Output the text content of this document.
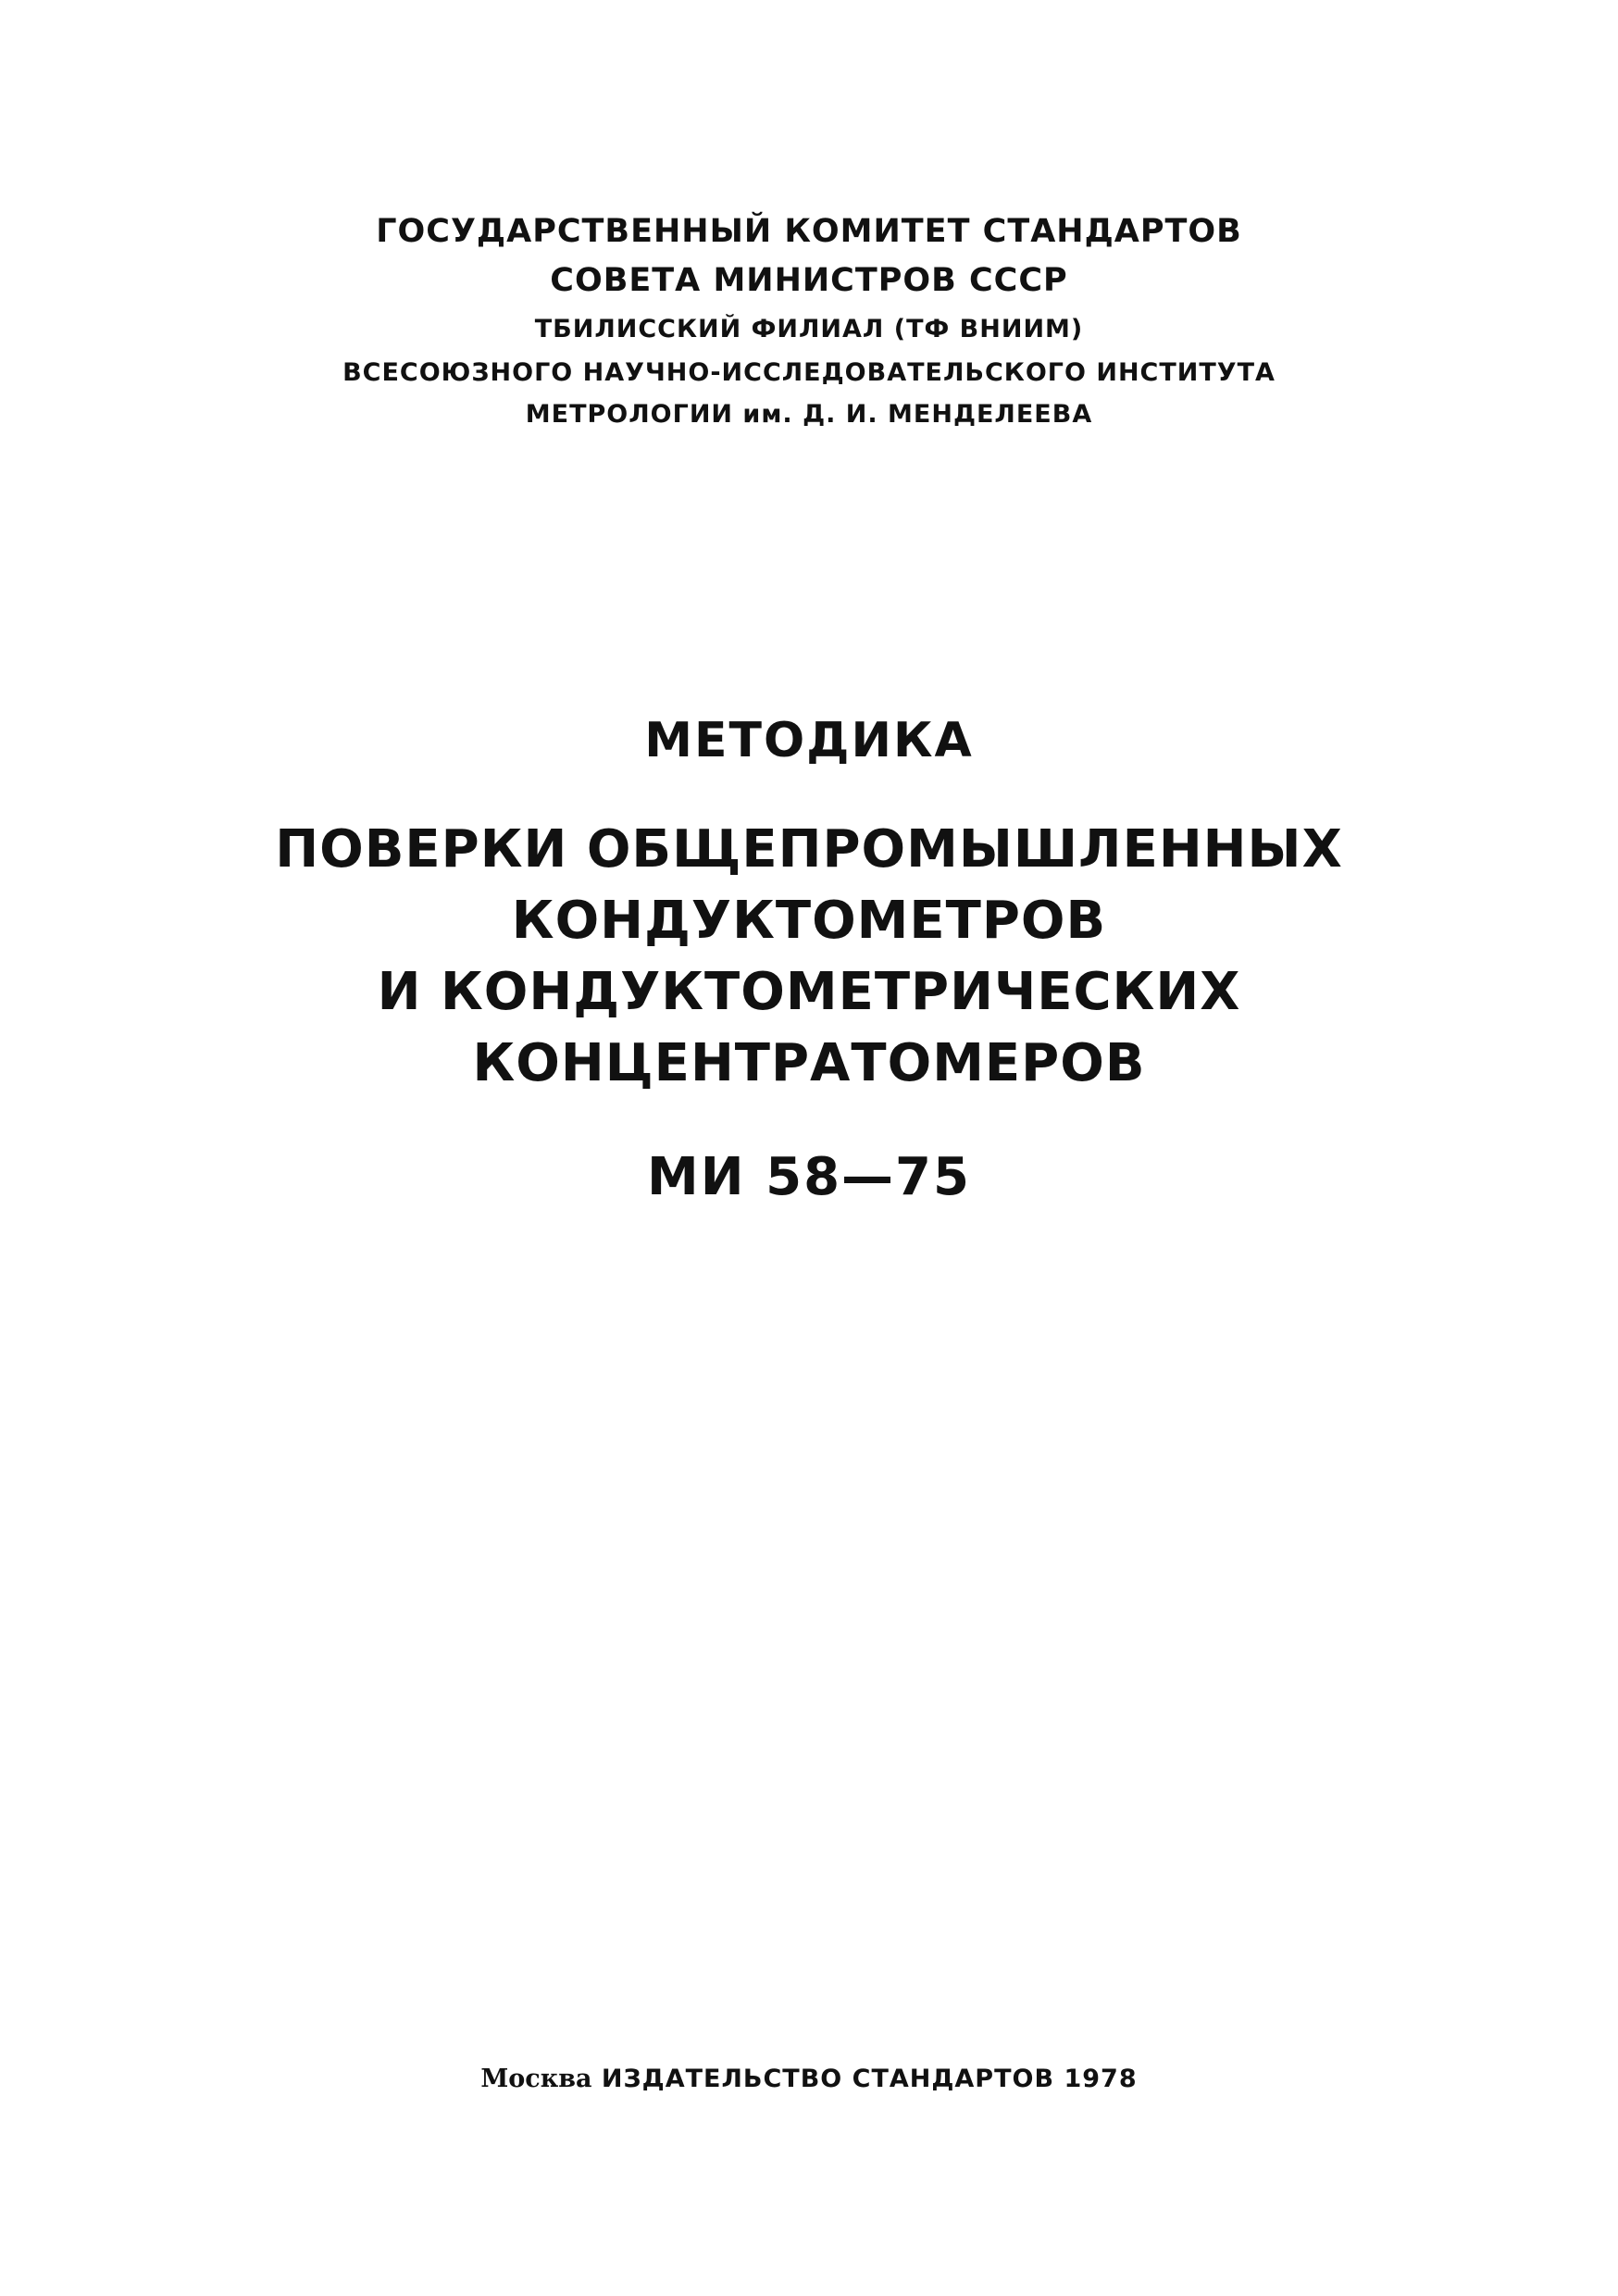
ГОСУДАРСТВЕННЫЙ КОМИТЕТ СТАНДАРТОВ
СОВЕТА МИНИСТРОВ СССР
ТБИЛИССКИЙ ФИЛИАЛ (ТФ ВНИИМ)
ВСЕСОЮЗНОГО НАУЧНО-ИССЛЕДОВАТЕЛЬСКОГО ИНСТИТУТА
МЕТРОЛОГИИ им. Д. И. МЕНДЕЛЕЕВА
МЕТОДИКА
ПОВЕРКИ ОБЩЕПРОМЫШЛЕННЫХ
КОНДУКТОМЕТРОВ
И КОНДУКТОМЕТРИЧЕСКИХ
КОНЦЕНТРАТОМЕРОВ
МИ 58—75
Москва ИЗДАТЕЛЬСТВО СТАНДАРТОВ 1978
